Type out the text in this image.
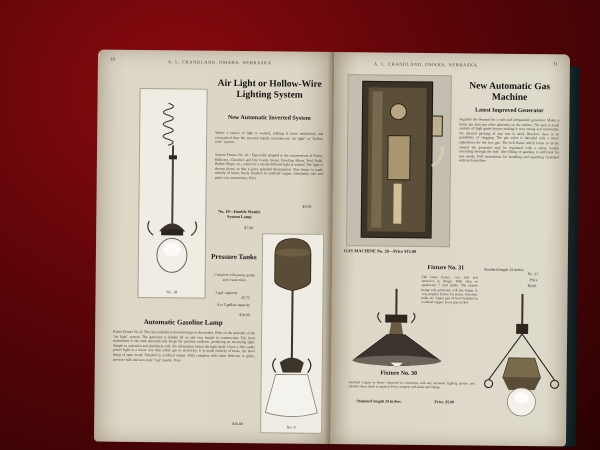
10	A. L. CRANDLAND, OMAHA, NEBRASKA
No. 18
Air Light or Hollow-Wire Lighting System
New Automatic Inverted System
Where a source of light is wanted, nothing is more satisfactory and economical than the inverted mantle incandescent "air light" or "hollow wire" system.
System Fixture No. 18—Especially adapted to the requirements of Parlor, Hallways, Churches and Dry Goods Stores, Bowling Alleys, Pool Halls, Barber Shops, etc., wherever a steady diffused light is wanted. The light is thrown down, so that it gives splendid illumination. This fixture is made entirely of brass, finely finished in oxidized copper. Absolutely safe and perfect in construction. Price
$3.00
No. 18—Double Mantle System Lamp
$7.00
Pressure Tanks
Complete with pump, gauge and connections.
2 gal. capacity
$7.75
4 to 5 gallon capacity
$10.00
No. 8
Automatic Gasoline Lamp
Parlor Fixture No. 8. The first individual inverted lamp on the market. Built on the principle of the "air light" system. The generator is hidden all on and very simple in construction. The bowl transmitted to the tank automatically keeps the pressure uniform, producing an unvarying light. Simple in operation and absolutely safe. No obstruction below the light itself. Gives a 300 candle power light at a lower cost than either gas or electricity. It is made entirely of brass, the bowl being of spun metal. Finished in oxidized copper. Fully complete with either deflector or globe, pressure bulb and new style "rag" mantle. Price
$10.00
A. L. CRANDLAND, OMAHA, NEBRASKA	11
GAS MACHINE No. 20—Price $15.00
New Automatic Gas Machine
Latest Improved Generator
Supplies the demand for a safe and inexpensive generator. Makes a better gas than any other generator on the market. The tank is made entirely of high grade bronze making it very strong and substantial. No internal packing of any sort is used, therefore there is no possibility of clogging. The gas valve is threaded with a micro adjustment for the size gas. The rich flame which burns so nicely around the generator may be regulated with a safety handle extending through the side. One filling of gasoline is sufficient for two weeks. Full instructions for installing and operating furnished with each machine.
Fixture No. 31
The latest fixture, very neat and attractive in design. With clear or opalescent 7 inch globe. The mantle being well protected, will last longer. A very popular fixture for stores, churches, halls, etc. Upper part of bowl finished in oxidized copper, lower part nickel.
Standard length 24 inches
No. 31
Price
$9.00
Fixture No. 30
Oxidized Copper or Brass—Operated in connection with any automatic lighting system, and suitable where shade is required. Price complete with shade and fittings.
Standard length 24 inches.	Price, $5.00
